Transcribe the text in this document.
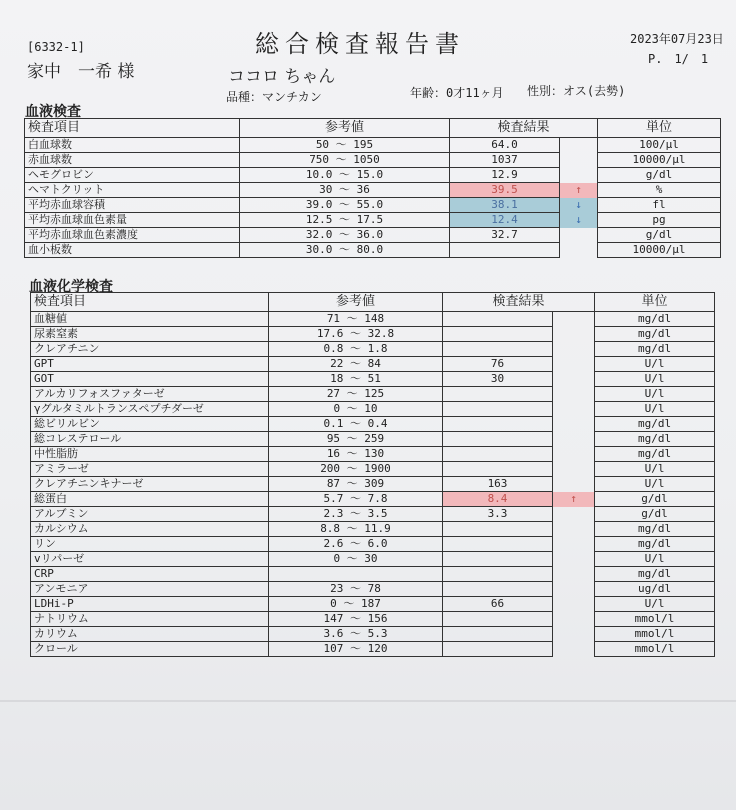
総合検査報告書
[6332-1]
家中　一希 様	ココロ ちゃん
品種：マンチカン	年齢：0才11ヶ月 性別：オス(去勢)
2023年07月23日
P.　1/　1
血液検査
血液化学検査
検査項目	参考値	検査結果		単位
白血球数	50 ～ 195	64.0		100/μl
赤血球数	750 ～ 1050	1037		10000/μl
ヘモグロビン	10.0 ～ 15.0	12.9		g/dl
ヘマトクリット	30 ～ 36	39.5	↑	%
平均赤血球容積	39.0 ～ 55.0	38.1	↓	fl
平均赤血球血色素量	12.5 ～ 17.5	12.4	↓	pg
平均赤血球血色素濃度	32.0 ～ 36.0	32.7		g/dl
血小板数	30.0 ～ 80.0			10000/μl
検査項目	参考値	検査結果		単位
血糖値	71 ～ 148			mg/dl
尿素窒素	17.6 ～ 32.8			mg/dl
クレアチニン	0.8 ～ 1.8			mg/dl
GPT	22 ～ 84	76		U/l
GOT	18 ～ 51	30		U/l
アルカリフォスファターゼ	27 ～ 125			U/l
γグルタミルトランスペプチダーゼ	0 ～ 10			U/l
総ビリルビン	0.1 ～ 0.4			mg/dl
総コレステロール	95 ～ 259			mg/dl
中性脂肪	16 ～ 130			mg/dl
アミラーゼ	200 ～ 1900			U/l
クレアチニンキナーゼ	87 ～ 309	163		U/l
総蛋白	5.7 ～ 7.8	8.4	↑	g/dl
アルブミン	2.3 ～ 3.5	3.3		g/dl
カルシウム	8.8 ～ 11.9			mg/dl
リン	2.6 ～ 6.0			mg/dl
vリパーゼ	0 ～ 30			U/l
CRP				mg/dl
アンモニア	23 ～ 78			ug/dl
LDHi-P	0 ～ 187	66		U/l
ナトリウム	147 ～ 156			mmol/l
カリウム	3.6 ～ 5.3			mmol/l
クロール	107 ～ 120			mmol/l
